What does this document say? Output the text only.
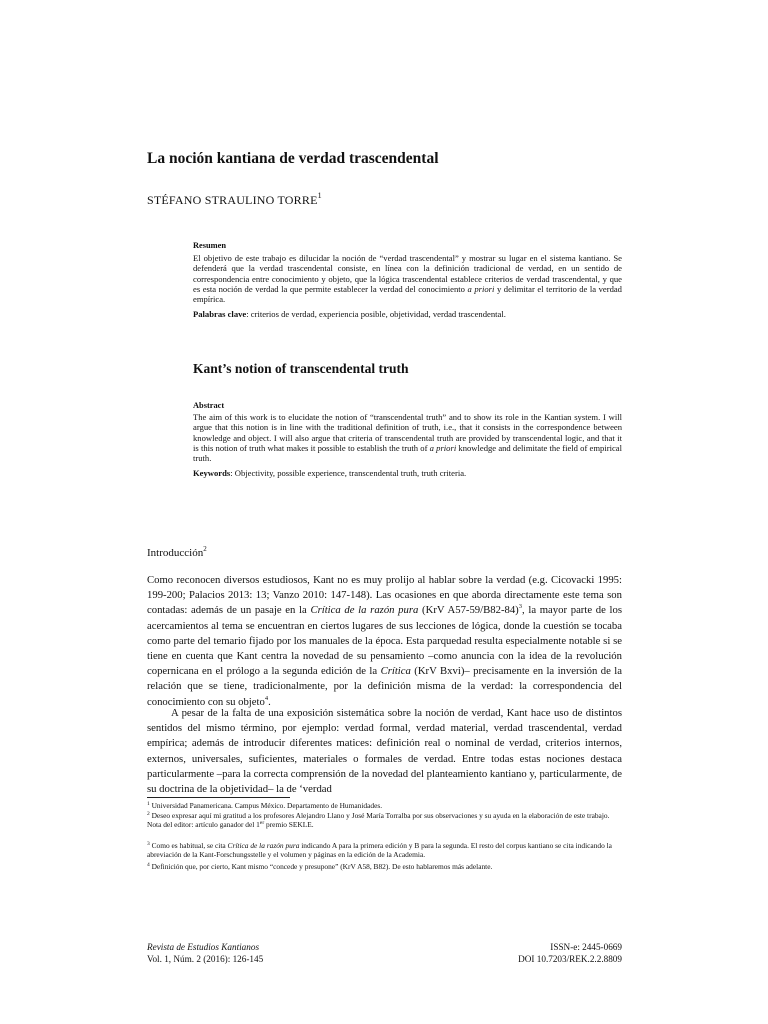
La noción kantiana de verdad trascendental
STÉFANO STRAULINO TORRE$^1$
Resumen
El objetivo de este trabajo es dilucidar la noción de “verdad trascendental” y mostrar su lugar en el sistema kantiano. Se defenderá que la verdad trascendental consiste, en línea con la definición tradicional de verdad, en un sentido de correspondencia entre conocimiento y objeto, que la lógica trascendental establece criterios de verdad trascendental, y que es esta noción de verdad la que permite establecer la verdad del conocimiento a priori y delimitar el territorio de la verdad empírica.
Palabras clave: criterios de verdad, experiencia posible, objetividad, verdad trascendental.
Kant’s notion of transcendental truth
Abstract
The aim of this work is to elucidate the notion of “transcendental truth” and to show its role in the Kantian system. I will argue that this notion is in line with the traditional definition of truth, i.e., that it consists in the correspondence between knowledge and object. I will also argue that criteria of transcendental truth are provided by transcendental logic, and that it is this notion of truth what makes it possible to establish the truth of a priori knowledge and delimitate the field of empirical truth.
Keywords: Objectivity, possible experience, transcendental truth, truth criteria.
Introducción$^2$
Como reconocen diversos estudiosos, Kant no es muy prolijo al hablar sobre la verdad (e.g. Cicovacki 1995: 199-200; Palacios 2013: 13; Vanzo 2010: 147-148). Las ocasiones en que aborda directamente este tema son contadas: además de un pasaje en la Crítica de la razón pura (KrV A57-59/B82-84)$^3$, la mayor parte de los acercamientos al tema se encuentran en ciertos lugares de sus lecciones de lógica, donde la cuestión se tocaba como parte del temario fijado por los manuales de la época. Esta parquedad resulta especialmente notable si se tiene en cuenta que Kant centra la novedad de su pensamiento –como anuncia con la idea de la revolución copernicana en el prólogo a la segunda edición de la Crítica (KrV Bxvi)– precisamente en la inversión de la relación que se tiene, tradicionalmente, por la definición misma de la verdad: la correspondencia del conocimiento con su objeto$^4$.
A pesar de la falta de una exposición sistemática sobre la noción de verdad, Kant hace uso de distintos sentidos del mismo término, por ejemplo: verdad formal, verdad material, verdad trascendental, verdad empírica; además de introducir diferentes matices: definición real o nominal de verdad, criterios internos, externos, universales, suficientes, materiales o formales de verdad. Entre todas estas nociones destaca particularmente –para la correcta comprensión de la novedad del planteamiento kantiano y, particularmente, de su doctrina de la objetividad– la de ‘verdad
$^1$ Universidad Panamericana. Campus México. Departamento de Humanidades.
$^2$ Deseo expresar aquí mi gratitud a los profesores Alejandro Llano y José María Torralba por sus observaciones y su ayuda en la elaboración de este trabajo.
Nota del editor: artículo ganador del 1er premio SEKLE.
$^3$ Como es habitual, se cita Crítica de la razón pura indicando A para la primera edición y B para la segunda. El resto del corpus kantiano se cita indicando la abreviación de la Kant-Forschungsstelle y el volumen y páginas en la edición de la Academia.
$^4$ Definición que, por cierto, Kant mismo “concede y presupone” (KrV A58, B82). De esto hablaremos más adelante.
Revista de Estudios Kantianos
Vol. 1, Núm. 2 (2016): 126-145
ISSN-e: 2445-0669
DOI 10.7203/REK.2.2.8809
